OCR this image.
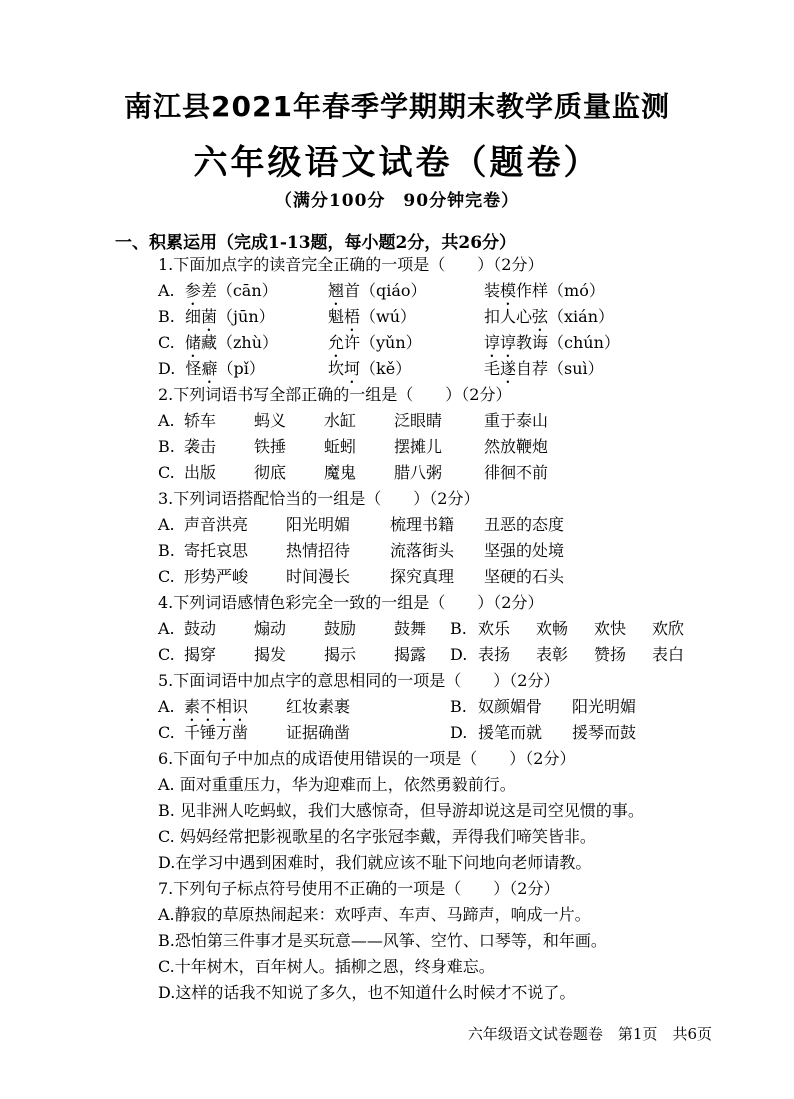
南江县2021年春季学期期末教学质量监测
六年级语文试卷（题卷）
（满分100分　90分钟完卷）
一、积累运用（完成1-13题，每小题2分，共26分）
1.下面加点字的读音完全正确的一项是（　　）（2分）
A.  参差（cān）	翘首（qiáo）	装模作样（mó）
B.  细菌（jūn）	魁梧（wú）	扣人心弦（xián）
C.  储藏（zhù）	允许（yǔn）	谆谆教诲（chún）
D.  怪癖（pǐ）	坎坷（kě）	毛遂自荐（suì）
2.下列词语书写全部正确的一组是（　　）（2分）
A. 轿车 蚂义 水缸 泛眼睛	重于泰山
B. 袭击 铁捶 蚯蚓 摆摊儿	然放鞭炮
C. 出版 彻底 魔鬼 腊八粥	徘徊不前
3.下列词语搭配恰当的一组是（　　）（2分）
A. 声音洪亮 阳光明媚 梳理书籍 丑恶的态度
B. 寄托哀思 热情招待 流落街头 坚强的处境
C. 形势严峻 时间漫长 探究真理 坚硬的石头
4.下列词语感情色彩完全一致的一组是（　　）（2分）
A. 鼓动 煽动 鼓励 鼓舞 B. 欢乐 欢畅 欢快 欢欣
C. 揭穿 揭发 揭示 揭露 D. 表扬 表彰 赞扬 表白
5.下面词语中加点字的意思相同的一项是（　　）（2分）
A. 素不相识 红妆素裹	B. 奴颜媚骨 阳光明媚
C. 千锤万凿 证据确凿	D. 援笔而就 援琴而鼓
6.下面句子中加点的成语使用错误的一项是（　　）（2分）
A. 面对重重压力，华为迎难而上，依然勇毅前行。
B. 见非洲人吃蚂蚁，我们大感惊奇，但导游却说这是司空见惯的事。
C. 妈妈经常把影视歌星的名字张冠李戴，弄得我们啼笑皆非。
D.在学习中遇到困难时，我们就应该不耻下问地向老师请教。
7.下列句子标点符号使用不正确的一项是（　　）（2分）
A.静寂的草原热闹起来：欢呼声、车声、马蹄声，响成一片。
B.恐怕第三件事才是买玩意——风筝、空竹、口琴等，和年画。
C.十年树木，百年树人。插柳之恩，终身难忘。
D.这样的话我不知说了多久，也不知道什么时候才不说了。
六年级语文试卷题卷　第1页　共6页
